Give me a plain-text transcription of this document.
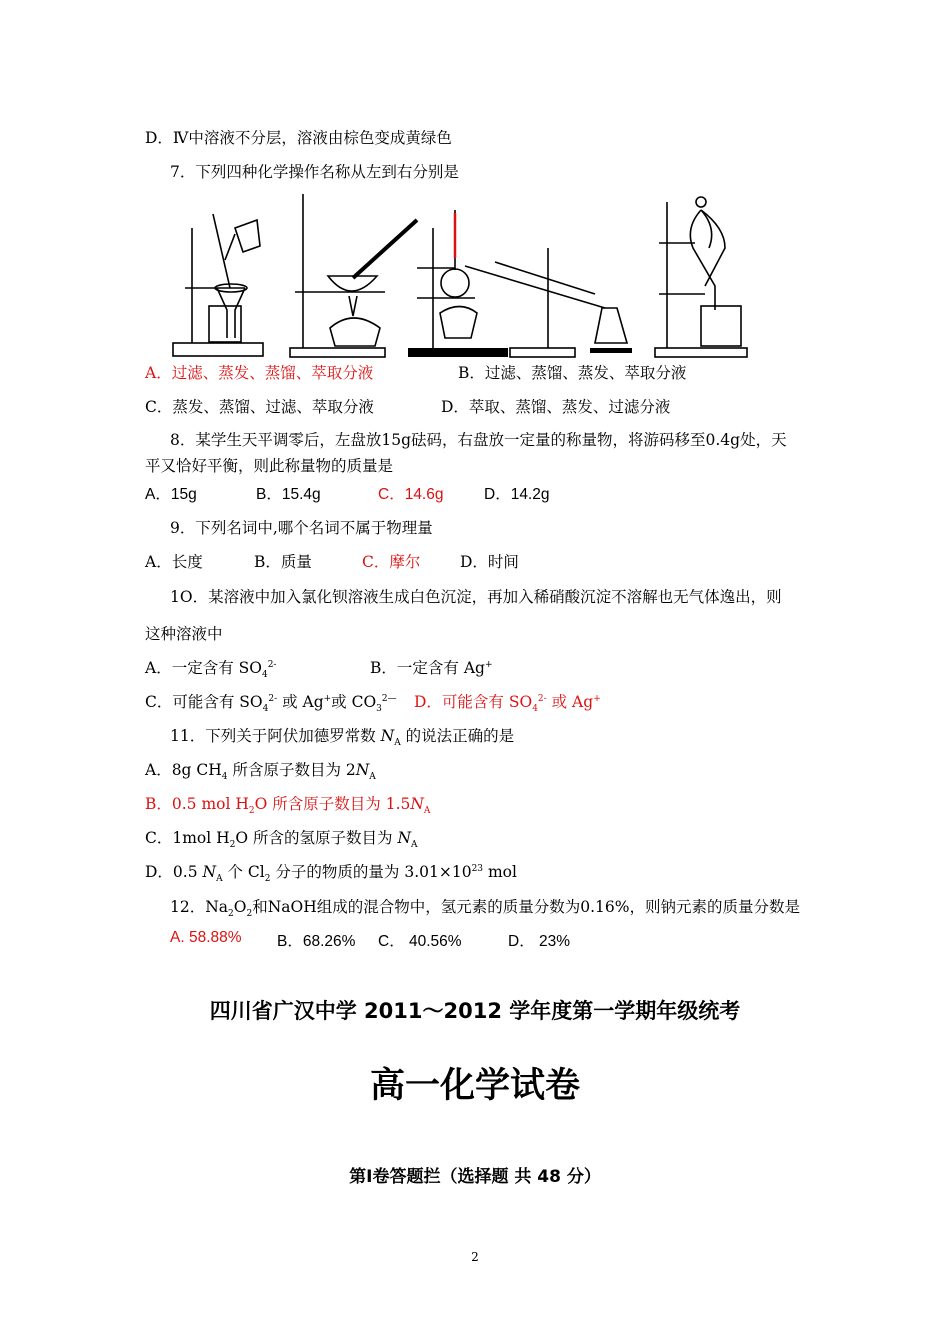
D．Ⅳ中溶液不分层，溶液由棕色变成黄绿色
7．下列四种化学操作名称从左到右分别是
A．过滤、蒸发、蒸馏、萃取分液	B．过滤、蒸馏、蒸发、萃取分液
C．蒸发、蒸馏、过滤、萃取分液	D．萃取、蒸馏、蒸发、过滤分液
8．某学生天平调零后，左盘放15g砝码，右盘放一定量的称量物，将游码移至0.4g处，天
平又恰好平衡，则此称量物的质量是
A．15g	B．15.4g	C．14.6g	D．14.2g
9．下列名词中,哪个名词不属于物理量
A．长度	B．质量	C．摩尔	D．时间
1O．某溶液中加入氯化钡溶液生成白色沉淀，再加入稀硝酸沉淀不溶解也无气体逸出，则
这种溶液中
A．一定含有 $SO_4^{2-}$	B．一定含有 Ag+
C．可能含有 $SO_4^{2-}$ 或 Ag+或 $CO_3^{2—}$ D．可能含有 $SO_4^{2-}$ 或 Ag+
11．下列关于阿伏加德罗常数 $N_A$ 的说法正确的是
A．8g $CH_4$ 所含原子数目为 $2N_A$
B．0.5 mol $H_2O$ 所含原子数目为 $1.5N_A$
C．1mol $H_2O$ 所含的氢原子数目为 $N_A$
D．0.5 $N_A$ 个 $Cl_2$ 分子的物质的量为 $3.01\times 10^{23}$ mol
12．$Na_2O_2$和NaOH组成的混合物中，氢元素的质量分数为0.16%，则钠元素的质量分数是
A. 58.88% B．68.26% C． 40.56%	D． 23%
四川省广汉中学 2011～2012 学年度第一学期年级统考
高一化学试卷
第Ⅰ卷答题拦（选择题 共 48 分）
2
